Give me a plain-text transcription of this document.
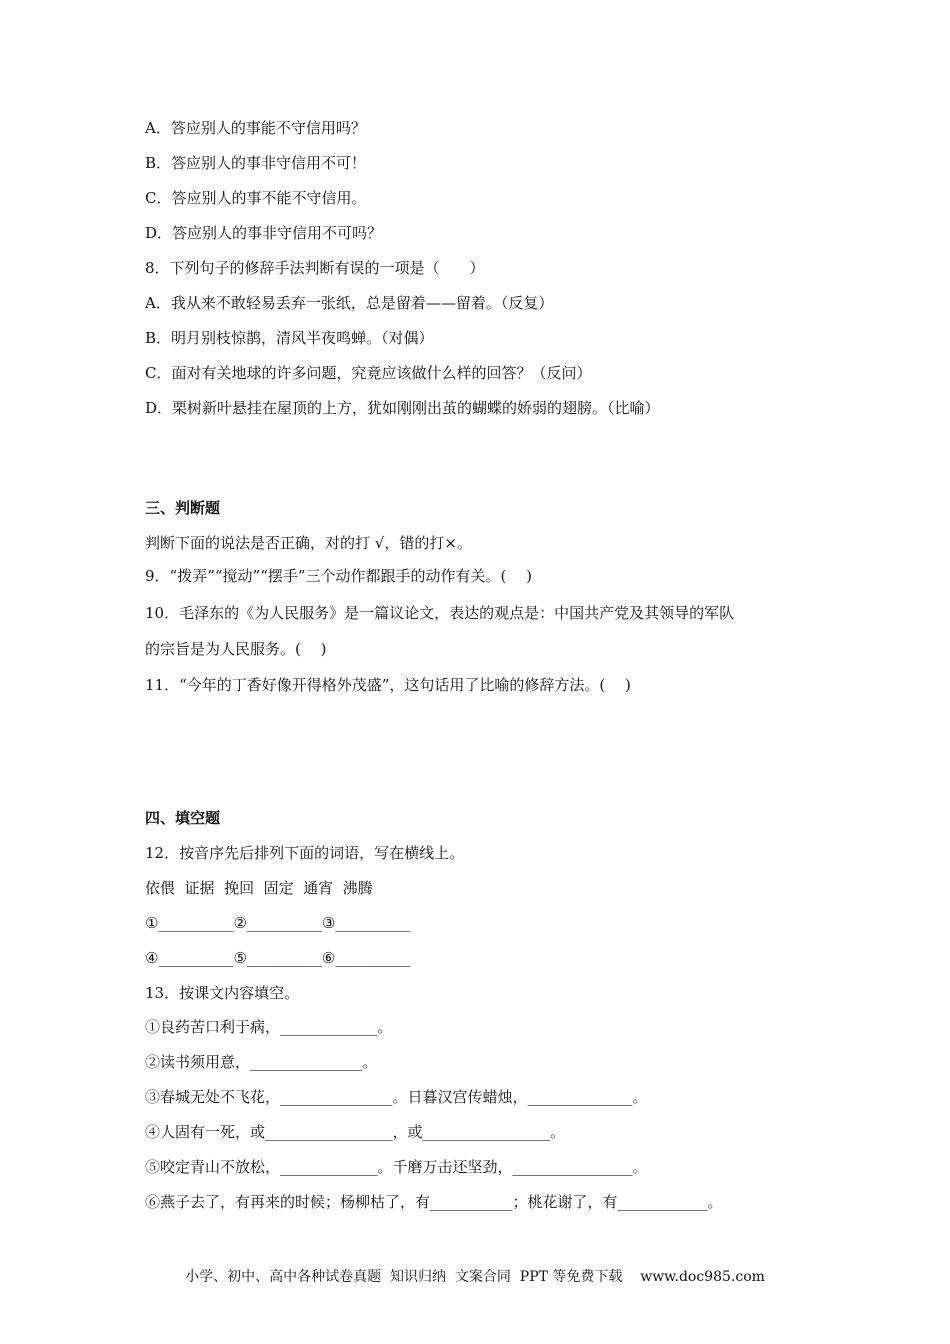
A．答应别人的事能不守信用吗？
B．答应别人的事非守信用不可！
C．答应别人的事不能不守信用。
D．答应别人的事非守信用不可吗？
8．下列句子的修辞手法判断有误的一项是（　　）
A．我从来不敢轻易丢弃一张纸，总是留着——留着。（反复）
B．明月别枝惊鹊，清风半夜鸣蝉。（对偶）
C．面对有关地球的许多问题，究竟应该做什么样的回答？（反问）
D．栗树新叶悬挂在屋顶的上方，犹如刚刚出茧的蝴蝶的娇弱的翅膀。（比喻）
三、判断题
判断下面的说法是否正确，对的打 √，错的打×。
9．“拨弄”“搅动”“摆手”三个动作都跟手的动作有关。(　 )
10．毛泽东的《为人民服务》是一篇议论文，表达的观点是：中国共产党及其领导的军队
的宗旨是为人民服务。(　 )
11．“今年的丁香好像开得格外茂盛”，这句话用了比喻的修辞方法。(　 )
四、填空题
12．按音序先后排列下面的词语，写在横线上。
依偎  证据  挽回  固定  通宵  沸腾
①__________②__________③__________
④__________⑤__________⑥__________
13．按课文内容填空。
①良药苦口利于病，_____________。
②读书须用意，_______________。
③春城无处不飞花，_______________。日暮汉宫传蜡烛，______________。
④人固有一死，或_________________，或_________________。
⑤咬定青山不放松，_____________。千磨万击还坚劲，________________。
⑥燕子去了，有再来的时候；杨柳枯了，有___________；桃花谢了，有____________。
小学、初中、高中各种试卷真题  知识归纳  文案合同  PPT 等免费下载    www.doc985.com
